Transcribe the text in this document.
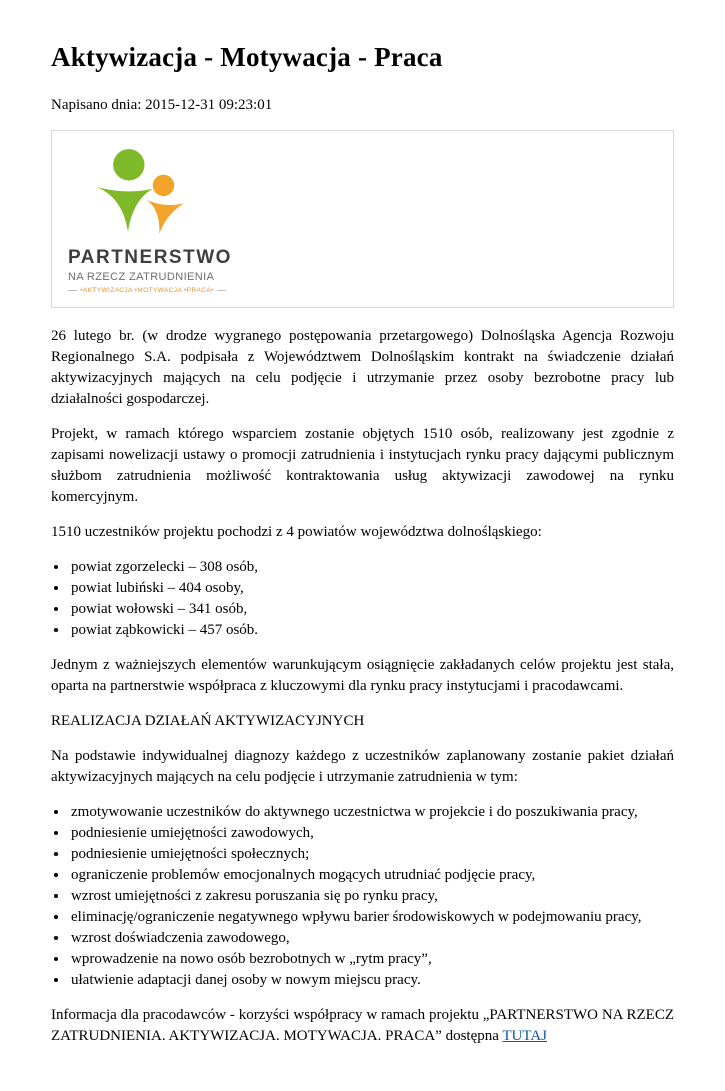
Aktywizacja - Motywacja - Praca

Napisano dnia: 2015-12-31 09:23:01

PARTNERSTWO
NA RZECZ ZATRUDNIENIA
•AKTYWIZACJA •MOTYWACJA •PRACA•

26 lutego br. (w drodze wygranego postępowania przetargowego) Dolnośląska Agencja Rozwoju Regionalnego S.A. podpisała z Województwem Dolnośląskim kontrakt na świadczenie działań aktywizacyjnych mających na celu podjęcie i utrzymanie przez osoby bezrobotne pracy lub działalności gospodarczej.

Projekt, w ramach którego wsparciem zostanie objętych 1510 osób, realizowany jest zgodnie z zapisami nowelizacji ustawy o promocji zatrudnienia i instytucjach rynku pracy dającymi publicznym służbom zatrudnienia możliwość kontraktowania usług aktywizacji zawodowej na rynku komercyjnym.

1510 uczestników projektu pochodzi z 4 powiatów województwa dolnośląskiego:

• powiat zgorzelecki – 308 osób,
• powiat lubiński – 404 osoby,
• powiat wołowski – 341 osób,
• powiat ząbkowicki – 457 osób.

Jednym z ważniejszych elementów warunkującym osiągnięcie zakładanych celów projektu jest stała, oparta na partnerstwie współpraca z kluczowymi dla rynku pracy instytucjami i pracodawcami.

REALIZACJA DZIAŁAŃ AKTYWIZACYJNYCH

Na podstawie indywidualnej diagnozy każdego z uczestników zaplanowany zostanie pakiet działań aktywizacyjnych mających na celu podjęcie i utrzymanie zatrudnienia w tym:

• zmotywowanie uczestników do aktywnego uczestnictwa w projekcie i do poszukiwania pracy,
• podniesienie umiejętności zawodowych,
• podniesienie umiejętności społecznych;
• ograniczenie problemów emocjonalnych mogących utrudniać podjęcie pracy,
• wzrost umiejętności z zakresu poruszania się po rynku pracy,
• eliminację/ograniczenie negatywnego wpływu barier środowiskowych w podejmowaniu pracy,
• wzrost doświadczenia zawodowego,
• wprowadzenie na nowo osób bezrobotnych w „rytm pracy”,
• ułatwienie adaptacji danej osoby w nowym miejscu pracy.

Informacja dla pracodawców - korzyści współpracy w ramach projektu „PARTNERSTWO NA RZECZ ZATRUDNIENIA. AKTYWIZACJA. MOTYWACJA. PRACA” dostępna TUTAJ
